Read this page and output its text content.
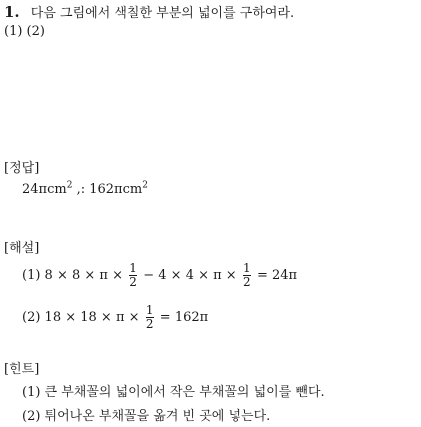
1. 다음 그림에서 색칠한 부분의 넓이를 구하여라.
(1) (2)
[정답]
24πcm$^2$ ,: 162πcm$^2$
[해설]
(1) $8 \times 8 \times \pi \times \frac{1}{2} - 4 \times 4 \times \pi \times \frac{1}{2} = 24\pi$
(2) $18 \times 18 \times \pi \times \frac{1}{2} = 162\pi$
[힌트]
(1) 큰 부채꼴의 넓이에서 작은 부채꼴의 넓이를 뺀다.
(2) 튀어나온 부채꼴을 옮겨 빈 곳에 넣는다.
